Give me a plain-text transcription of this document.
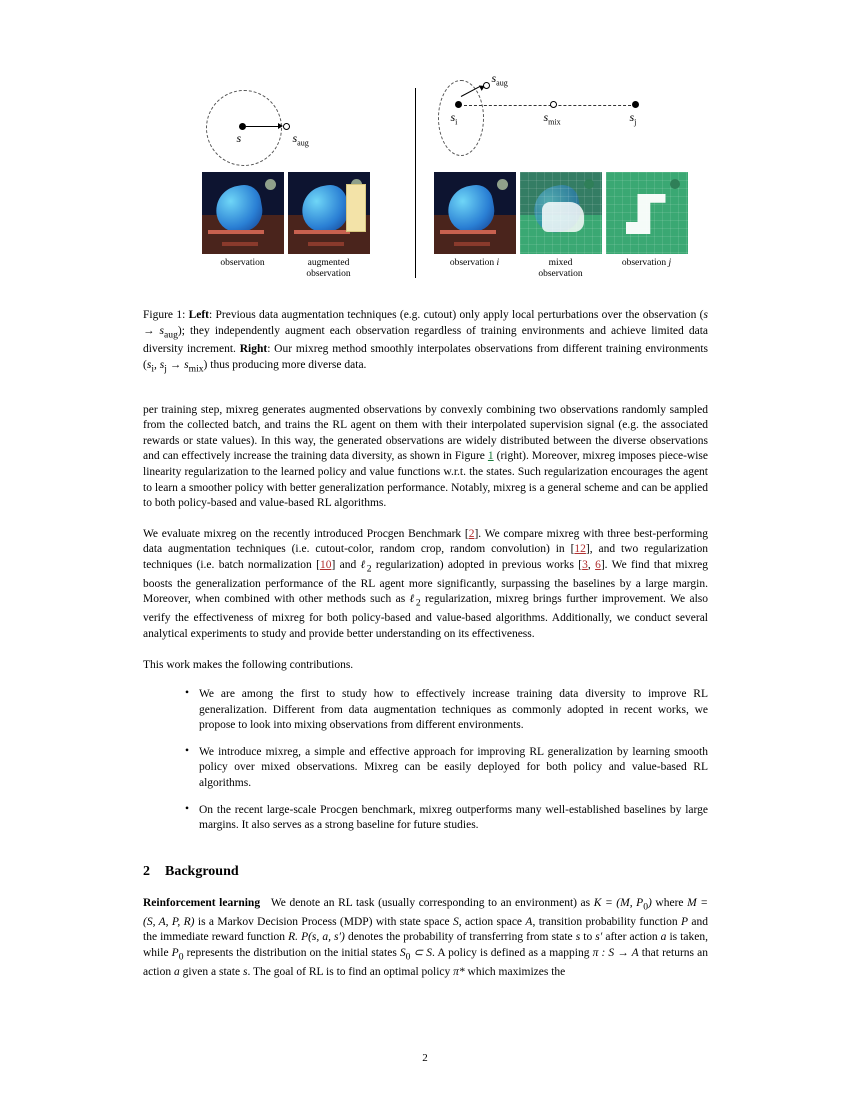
s	$s_{aug}$
$s_i$
$s_{aug}$
$s_{mix}$	$s_j$
observation	augmented
observation
observation i	mixed
observation
observation j
Figure 1: Left: Previous data augmentation techniques (e.g. cutout) only apply local perturbations over the observation $(s \to s_{aug})$; they independently augment each observation regardless of training environments and achieve limited data diversity increment. Right: Our mixreg method smoothly interpolates observations from different training environments ($s_i$, $s_j \to s_{mix}$) thus producing more diverse data.
per training step, mixreg generates augmented observations by convexly combining two observations randomly sampled from the collected batch, and trains the RL agent on them with their interpolated supervision signal (e.g. the associated rewards or state values). In this way, the generated observations are widely distributed between the diverse observations and can effectively increase the training data diversity, as shown in Figure 1 (right). Moreover, mixreg imposes piece-wise linearity regularization to the learned policy and value functions w.r.t. the states. Such regularization encourages the agent to learn a smoother policy with better generalization performance. Notably, mixreg is a general scheme and can be applied to both policy-based and value-based RL algorithms.
We evaluate mixreg on the recently introduced Procgen Benchmark [2]. We compare mixreg with three best-performing data augmentation techniques (i.e. cutout-color, random crop, random convolution) in [12], and two regularization techniques (i.e. batch normalization [10] and ℓ$_2$ regularization) adopted in previous works [3, 6]. We find that mixreg boosts the generalization performance of the RL agent more significantly, surpassing the baselines by a large margin. Moreover, when combined with other methods such as ℓ$_2$ regularization, mixreg brings further improvement. We also verify the effectiveness of mixreg for both policy-based and value-based algorithms. Additionally, we conduct several analytical experiments to study and provide better understanding on its effectiveness.
This work makes the following contributions.
• We are among the first to study how to effectively increase training data diversity to improve RL generalization. Different from data augmentation techniques as commonly adopted in recent works, we propose to look into mixing observations from different environments.
• We introduce mixreg, a simple and effective approach for improving RL generalization by learning smooth policy over mixed observations. Mixreg can be easily deployed for both policy and value-based RL algorithms.
• On the recent large-scale Procgen benchmark, mixreg outperforms many well-established baselines by large margins. It also serves as a strong baseline for future studies.
2 Background
Reinforcement learning We denote an RL task (usually corresponding to an environment) as K = (M, $P_0$) where M = (S, A, P, R) is a Markov Decision Process (MDP) with state space S, action space A, transition probability function P and the immediate reward function R. P(s, a, s′) denotes the probability of transferring from state s to s′ after action a is taken, while $P_0$ represents the distribution on the initial states $S_0$ ⊂ S. A policy is defined as a mapping π : S → A that returns an action a given a state s. The goal of RL is to find an optimal policy π* which maximizes the
2
